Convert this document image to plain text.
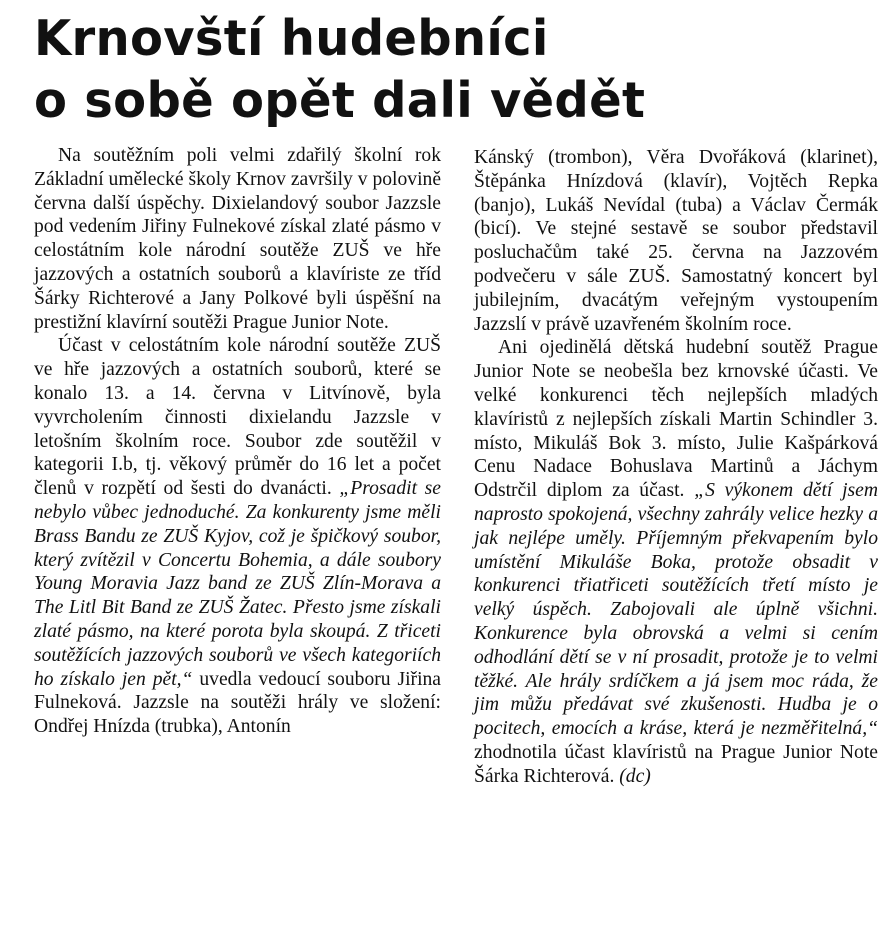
Krnovští hudebníci
o sobě opět dali vědět

Na soutěžním poli velmi zdařilý školní rok Základní umělecké školy Krnov završily v polovině června další úspěchy. Dixielandový soubor Jazzsle pod vedením Jiřiny Fulnekové získal zlaté pásmo v celostátním kole národní soutěže ZUŠ ve hře jazzových a ostatních souborů a klavíriste ze tříd Šárky Richterové a Jany Polkové byli úspěšní na prestižní klavírní soutěži Prague Junior Note.

Účast v celostátním kole národní soutěže ZUŠ ve hře jazzových a ostatních souborů, které se konalo 13. a 14. června v Litvínově, byla vyvrcholením činnosti dixielandu Jazzsle v letošním školním roce. Soubor zde soutěžil v kategorii I.b, tj. věkový průměr do 16 let a počet členů v rozpětí od šesti do dvanácti. „Prosadit se nebylo vůbec jednoduché. Za konkurenty jsme měli Brass Bandu ze ZUŠ Kyjov, což je špičkový soubor, který zvítězil v Concertu Bohemia, a dále soubory Young Moravia Jazz band ze ZUŠ Zlín-Morava a The Litl Bit Band ze ZUŠ Žatec. Přesto jsme získali zlaté pásmo, na které porota byla skoupá. Z třiceti soutěžících jazzových souborů ve všech kategoriích ho získalo jen pět,“ uvedla vedoucí souboru Jiřina Fulneková. Jazzsle na soutěži hrály ve složení: Ondřej Hnízda (trubka), Antonín

Kánský (trombon), Věra Dvořáková (klarinet), Štěpánka Hnízdová (klavír), Vojtěch Repka (banjo), Lukáš Nevídal (tuba) a Václav Čermák (bicí). Ve stejné sestavě se soubor představil posluchačům také 25. června na Jazzovém podvečeru v sále ZUŠ. Samostatný koncert byl jubilejním, dvacátým veřejným vystoupením Jazzslí v právě uzavřeném školním roce.

Ani ojedinělá dětská hudební soutěž Prague Junior Note se neobešla bez krnovské účasti. Ve velké konkurenci těch nejlepších mladých klavíristů z nejlepších získali Martin Schindler 3. místo, Mikuláš Bok 3. místo, Julie Kašpárková Cenu Nadace Bohuslava Martinů a Jáchym Odstrčil diplom za účast. „S výkonem dětí jsem naprosto spokojená, všechny zahrály velice hezky a jak nejlépe uměly. Příjemným překvapením bylo umístění Mikuláše Boka, protože obsadit v konkurenci třiatřiceti soutěžících třetí místo je velký úspěch. Zabojovali ale úplně všichni. Konkurence byla obrovská a velmi si cením odhodlání dětí se v ní prosadit, protože je to velmi těžké. Ale hrály srdíčkem a já jsem moc ráda, že jim můžu předávat své zkušenosti. Hudba je o pocitech, emocích a kráse, která je nezměřitelná,“ zhodnotila účast klavíristů na Prague Junior Note Šárka Richterová. (dc)
